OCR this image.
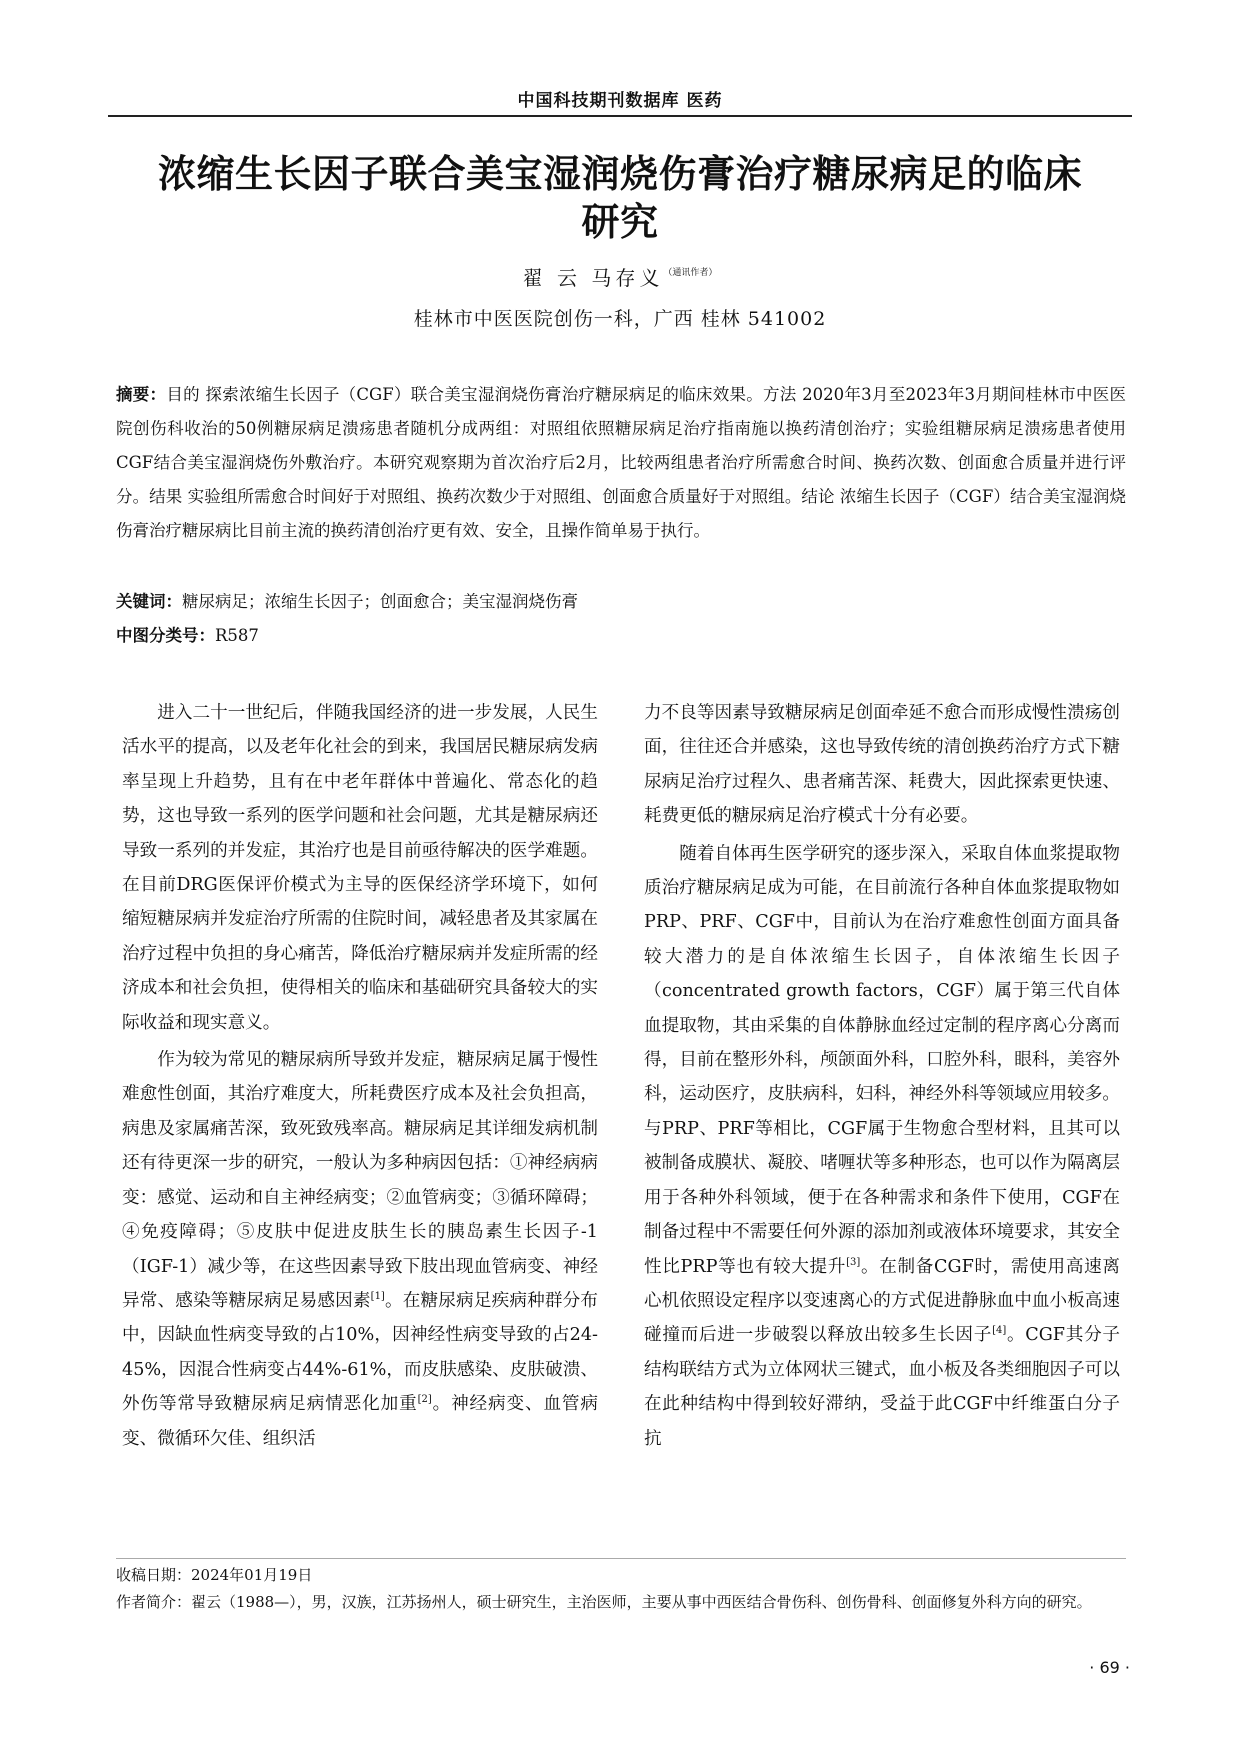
中国科技期刊数据库 医药
浓缩生长因子联合美宝湿润烧伤膏治疗糖尿病足的临床
研究
翟 云 马存义$^{(通讯作者)}$
桂林市中医医院创伤一科，广西 桂林 541002
摘要：目的 探索浓缩生长因子（CGF）联合美宝湿润烧伤膏治疗糖尿病足的临床效果。方法 2020年3月至2023年3月期间桂林市中医医院创伤科收治的50例糖尿病足溃疡患者随机分成两组：对照组依照糖尿病足治疗指南施以换药清创治疗；实验组糖尿病足溃疡患者使用CGF结合美宝湿润烧伤外敷治疗。本研究观察期为首次治疗后2月，比较两组患者治疗所需愈合时间、换药次数、创面愈合质量并进行评分。结果 实验组所需愈合时间好于对照组、换药次数少于对照组、创面愈合质量好于对照组。结论 浓缩生长因子（CGF）结合美宝湿润烧伤膏治疗糖尿病比目前主流的换药清创治疗更有效、安全，且操作简单易于执行。
关键词：糖尿病足；浓缩生长因子；创面愈合；美宝湿润烧伤膏
中图分类号：R587

进入二十一世纪后，伴随我国经济的进一步发展，人民生活水平的提高，以及老年化社会的到来，我国居民糖尿病发病率呈现上升趋势，且有在中老年群体中普遍化、常态化的趋势，这也导致一系列的医学问题和社会问题，尤其是糖尿病还导致一系列的并发症，其治疗也是目前亟待解决的医学难题。在目前DRG医保评价模式为主导的医保经济学环境下，如何缩短糖尿病并发症治疗所需的住院时间，减轻患者及其家属在治疗过程中负担的身心痛苦，降低治疗糖尿病并发症所需的经济成本和社会负担，使得相关的临床和基础研究具备较大的实际收益和现实意义。

作为较为常见的糖尿病所导致并发症，糖尿病足属于慢性难愈性创面，其治疗难度大，所耗费医疗成本及社会负担高，病患及家属痛苦深，致死致残率高。糖尿病足其详细发病机制还有待更深一步的研究，一般认为多种病因包括：①神经病病变：感觉、运动和自主神经病变；②血管病变；③循环障碍；④免疫障碍；⑤皮肤中促进皮肤生长的胰岛素生长因子-1（IGF-1）减少等，在这些因素导致下肢出现血管病变、神经异常、感染等糖尿病足易感因素[1]。在糖尿病足疾病种群分布中，因缺血性病变导致的占10%，因神经性病变导致的占24-45%，因混合性病变占44%-61%，而皮肤感染、皮肤破溃、外伤等常导致糖尿病足病情恶化加重[2]。神经病变、血管病变、微循环欠佳、组织活

力不良等因素导致糖尿病足创面牵延不愈合而形成慢性溃疡创面，往往还合并感染，这也导致传统的清创换药治疗方式下糖尿病足治疗过程久、患者痛苦深、耗费大，因此探索更快速、耗费更低的糖尿病足治疗模式十分有必要。

随着自体再生医学研究的逐步深入，采取自体血浆提取物质治疗糖尿病足成为可能，在目前流行各种自体血浆提取物如PRP、PRF、CGF中，目前认为在治疗难愈性创面方面具备较大潜力的是自体浓缩生长因子，自体浓缩生长因子（concentrated growth factors，CGF）属于第三代自体血提取物，其由采集的自体静脉血经过定制的程序离心分离而得，目前在整形外科，颅颌面外科，口腔外科，眼科，美容外科，运动医疗，皮肤病科，妇科，神经外科等领域应用较多。与PRP、PRF等相比，CGF属于生物愈合型材料，且其可以被制备成膜状、凝胶、啫喱状等多种形态，也可以作为隔离层用于各种外科领域，便于在各种需求和条件下使用，CGF在制备过程中不需要任何外源的添加剂或液体环境要求，其安全性比PRP等也有较大提升[3]。在制备CGF时，需使用高速离心机依照设定程序以变速离心的方式促进静脉血中血小板高速碰撞而后进一步破裂以释放出较多生长因子[4]。CGF其分子结构联结方式为立体网状三键式，血小板及各类细胞因子可以在此种结构中得到较好滞纳，受益于此CGF中纤维蛋白分子抗

收稿日期：2024年01月19日
作者简介：翟云（1988—），男，汉族，江苏扬州人，硕士研究生，主治医师，主要从事中西医结合骨伤科、创伤骨科、创面修复外科方向的研究。
· 69 ·
